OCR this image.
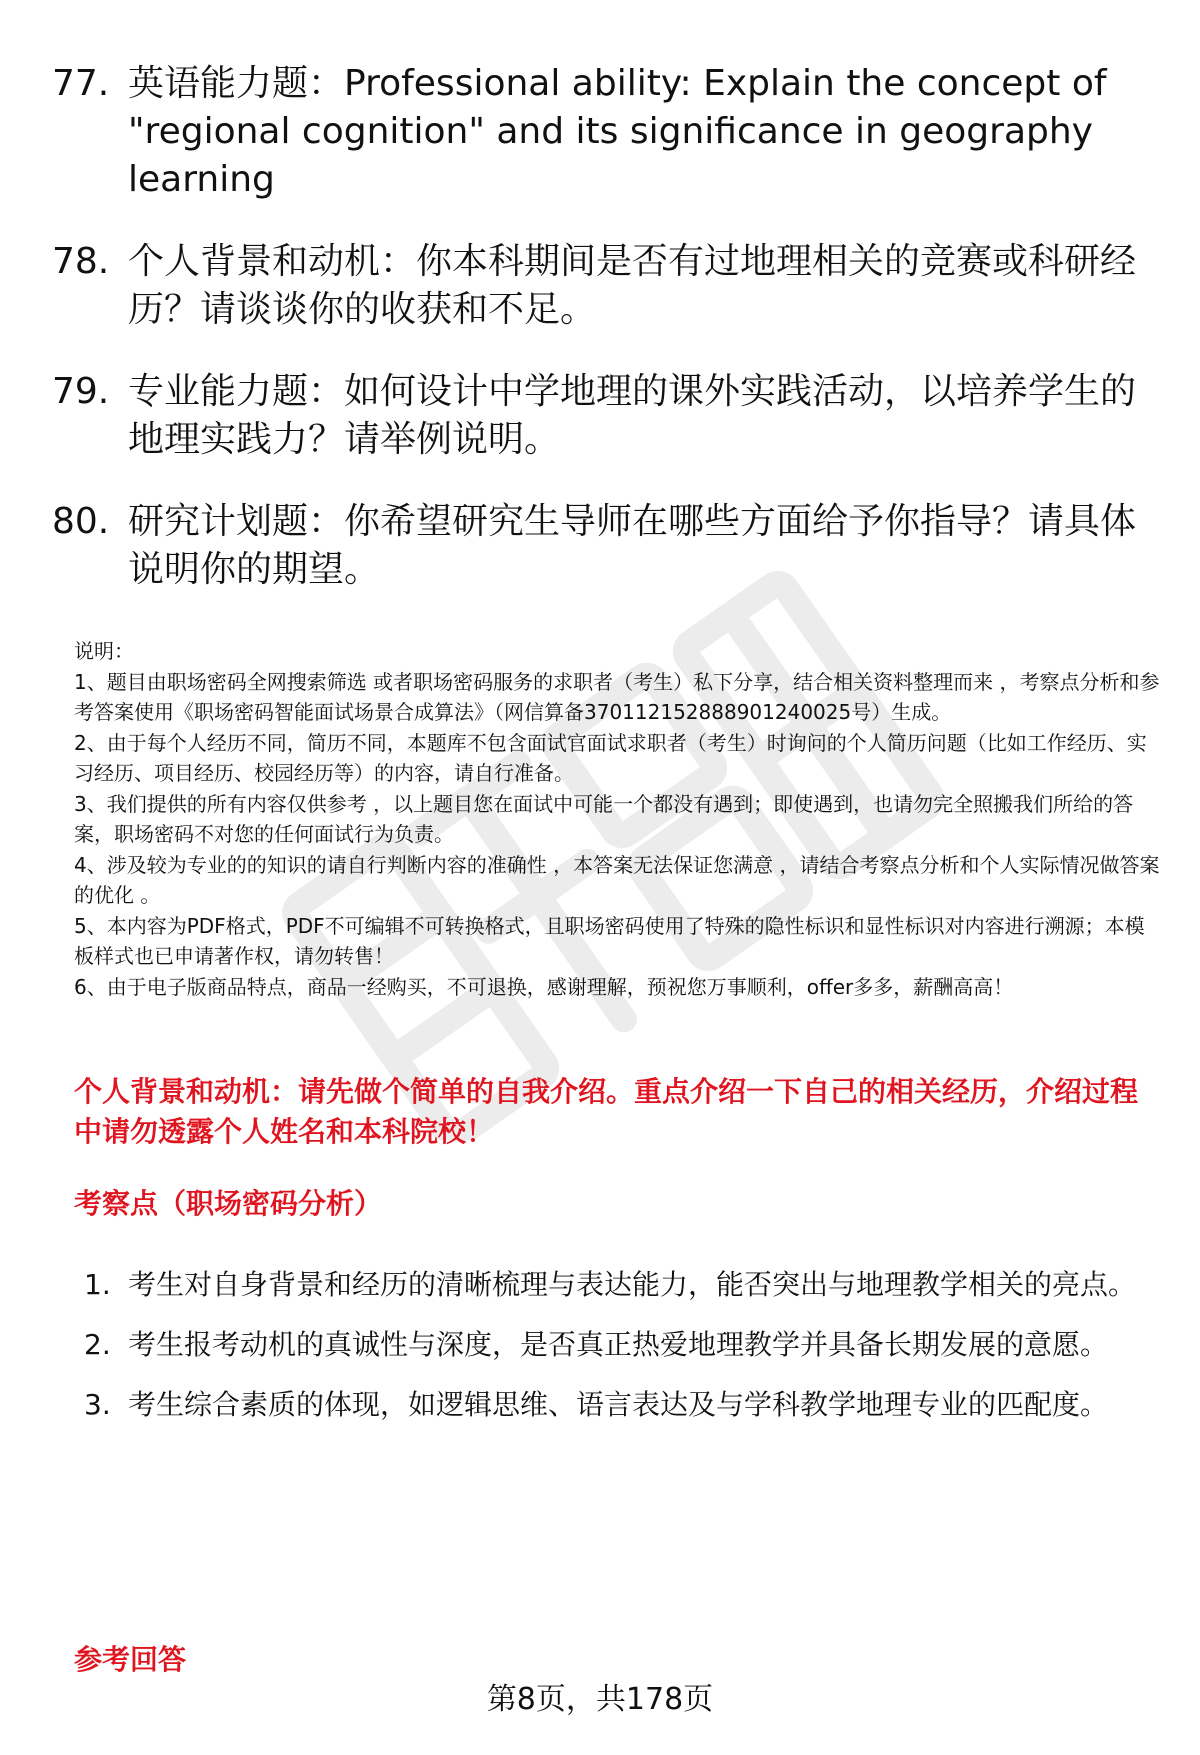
77. 英语能力题：Professional ability: Explain the concept of "regional cognition" and its significance in geography learning
78. 个人背景和动机：你本科期间是否有过地理相关的竞赛或科研经历？请谈谈你的收获和不足。
79. 专业能力题：如何设计中学地理的课外实践活动，以培养学生的地理实践力？请举例说明。
80. 研究计划题：你希望研究生导师在哪些方面给予你指导？请具体说明你的期望。
说明：
1、题目由职场密码全网搜索筛选 或者职场密码服务的求职者（考生）私下分享，结合相关资料整理而来 ，考察点分析和参考答案使用《职场密码智能面试场景合成算法》（网信算备370112152888901240025号）生成。
2、由于每个人经历不同，简历不同，本题库不包含面试官面试求职者（考生）时询问的个人简历问题（比如工作经历、实习经历、项目经历、校园经历等）的内容，请自行准备。
3、我们提供的所有内容仅供参考 ，以上题目您在面试中可能一个都没有遇到；即使遇到，也请勿完全照搬我们所给的答案，职场密码不对您的任何面试行为负责。
4、涉及较为专业的的知识的请自行判断内容的准确性 ，本答案无法保证您满意 ，请结合考察点分析和个人实际情况做答案的优化 。
5、本内容为PDF格式，PDF不可编辑不可转换格式，且职场密码使用了特殊的隐性标识和显性标识对内容进行溯源；本模板样式也已申请著作权，请勿转售！
6、由于电子版商品特点，商品一经购买，不可退换，感谢理解，预祝您万事顺利，offer多多，薪酬高高！
个人背景和动机：请先做个简单的自我介绍。重点介绍一下自己的相关经历，介绍过程中请勿透露个人姓名和本科院校！
考察点（职场密码分析）
1. 考生对自身背景和经历的清晰梳理与表达能力，能否突出与地理教学相关的亮点。
2. 考生报考动机的真诚性与深度，是否真正热爱地理教学并具备长期发展的意愿。
3. 考生综合素质的体现，如逻辑思维、语言表达及与学科教学地理专业的匹配度。
参考回答
第8页，共178页
